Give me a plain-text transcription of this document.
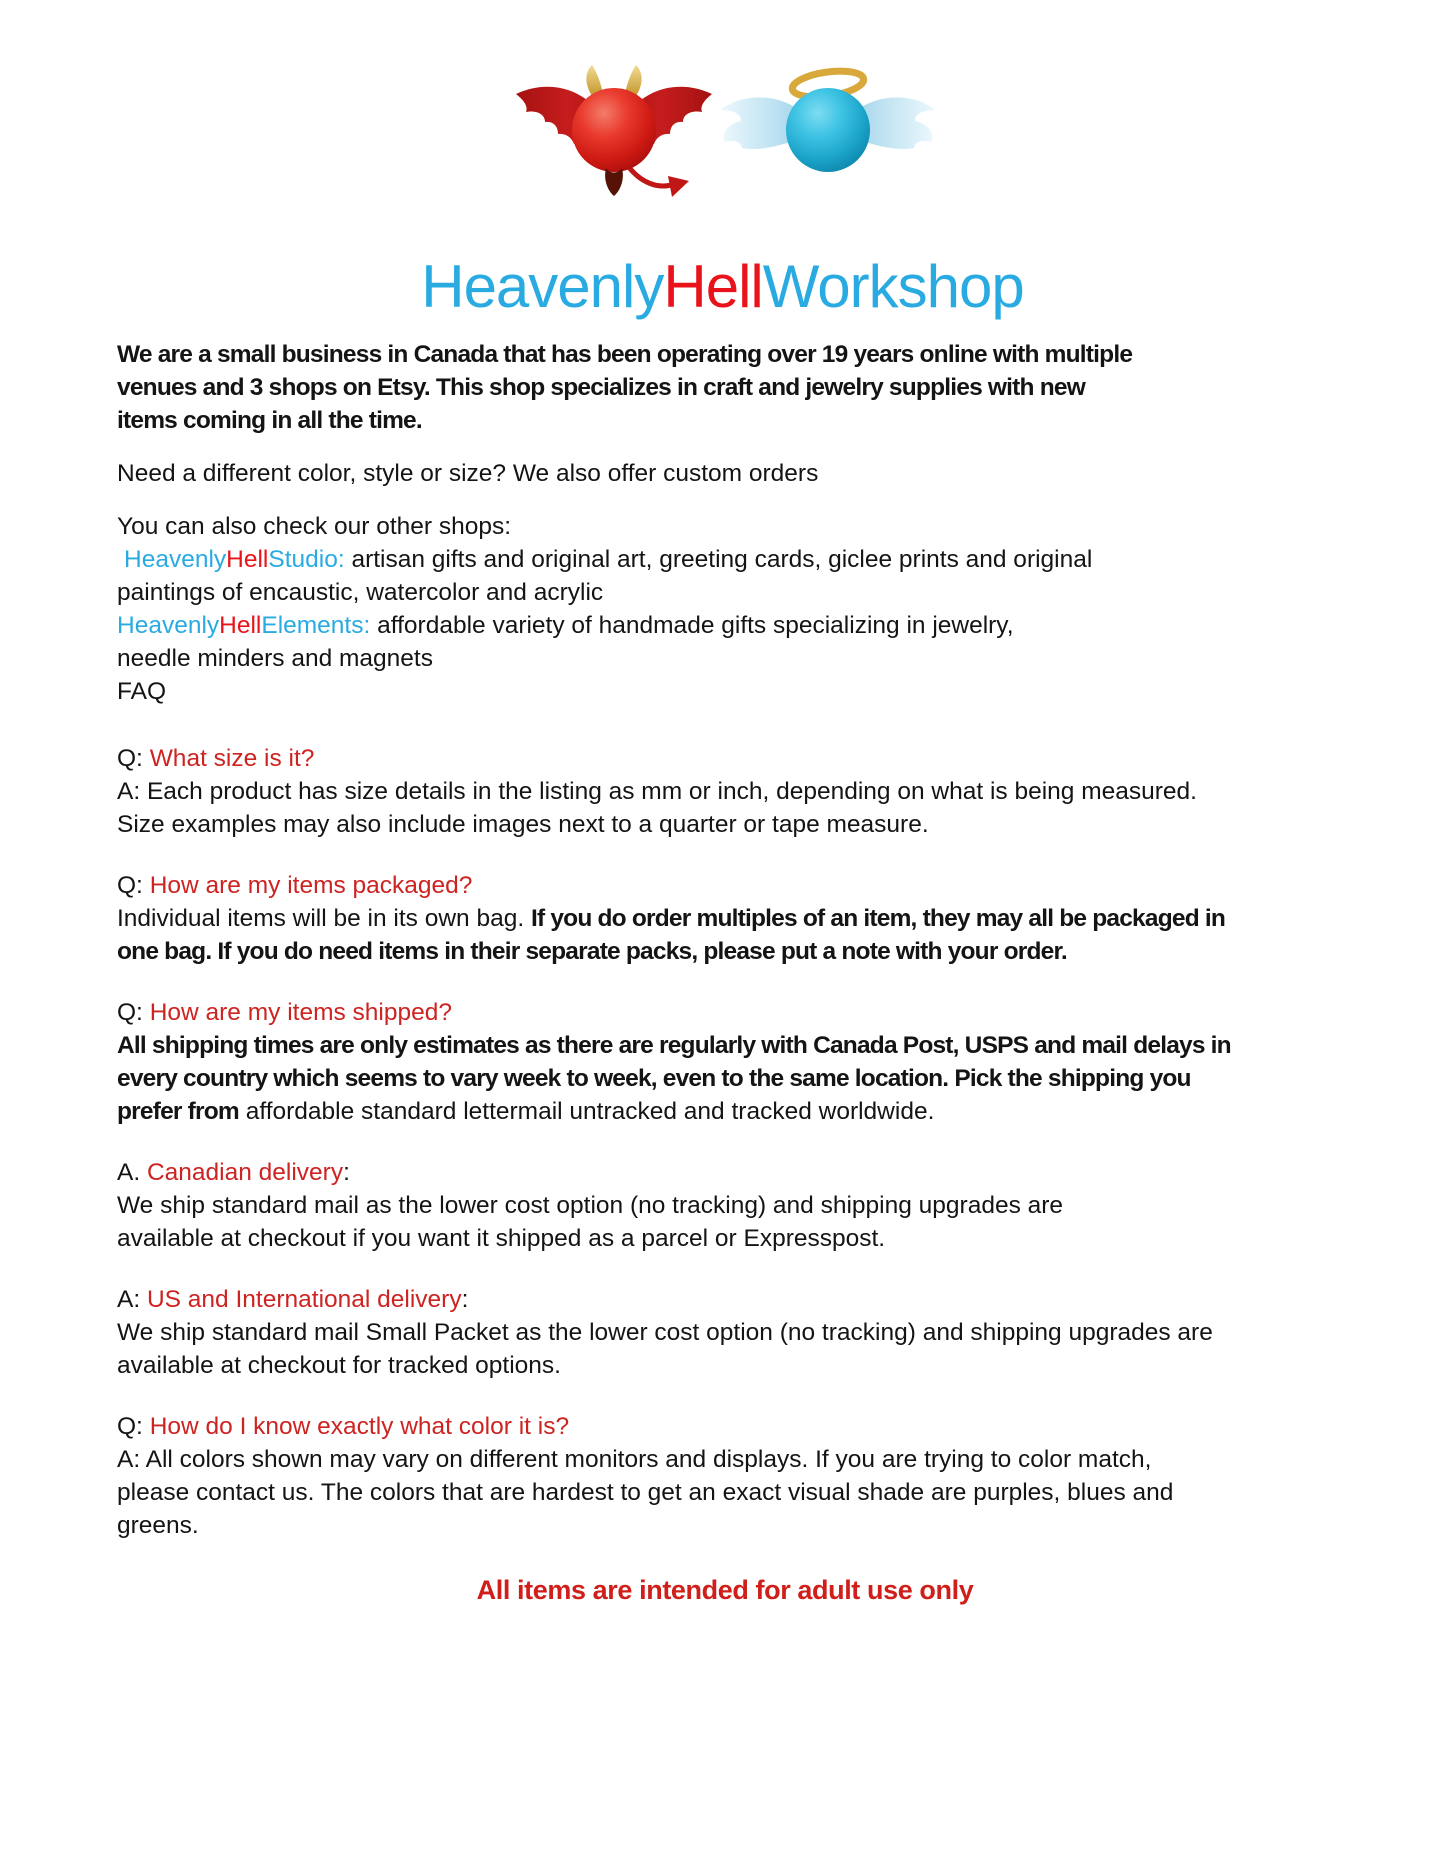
HeavenlyHellWorkshop
We are a small business in Canada that has been operating over 19 years online with multiple
venues and 3 shops on Etsy. This shop specializes in craft and jewelry supplies with new
items coming in all the time.
Need a different color, style or size? We also offer custom orders
You can also check our other shops:
HeavenlyHellStudio: artisan gifts and original art, greeting cards, giclee prints and original
paintings of encaustic, watercolor and acrylic
HeavenlyHellElements: affordable variety of handmade gifts specializing in jewelry,
needle minders and magnets
FAQ
Q: What size is it?
A: Each product has size details in the listing as mm or inch, depending on what is being measured.
Size examples may also include images next to a quarter or tape measure.
Q: How are my items packaged?
Individual items will be in its own bag. If you do order multiples of an item, they may all be packaged in
one bag. If you do need items in their separate packs, please put a note with your order.
Q: How are my items shipped?
All shipping times are only estimates as there are regularly with Canada Post, USPS and mail delays in
every country which seems to vary week to week, even to the same location. Pick the shipping you
prefer from affordable standard lettermail untracked and tracked worldwide.
A. Canadian delivery:
We ship standard mail as the lower cost option (no tracking) and shipping upgrades are
available at checkout if you want it shipped as a parcel or Expresspost.
A: US and International delivery:
We ship standard mail Small Packet as the lower cost option (no tracking) and shipping upgrades are
available at checkout for tracked options.
Q: How do I know exactly what color it is?
A: All colors shown may vary on different monitors and displays. If you are trying to color match,
please contact us. The colors that are hardest to get an exact visual shade are purples, blues and
greens.
All items are intended for adult use only
